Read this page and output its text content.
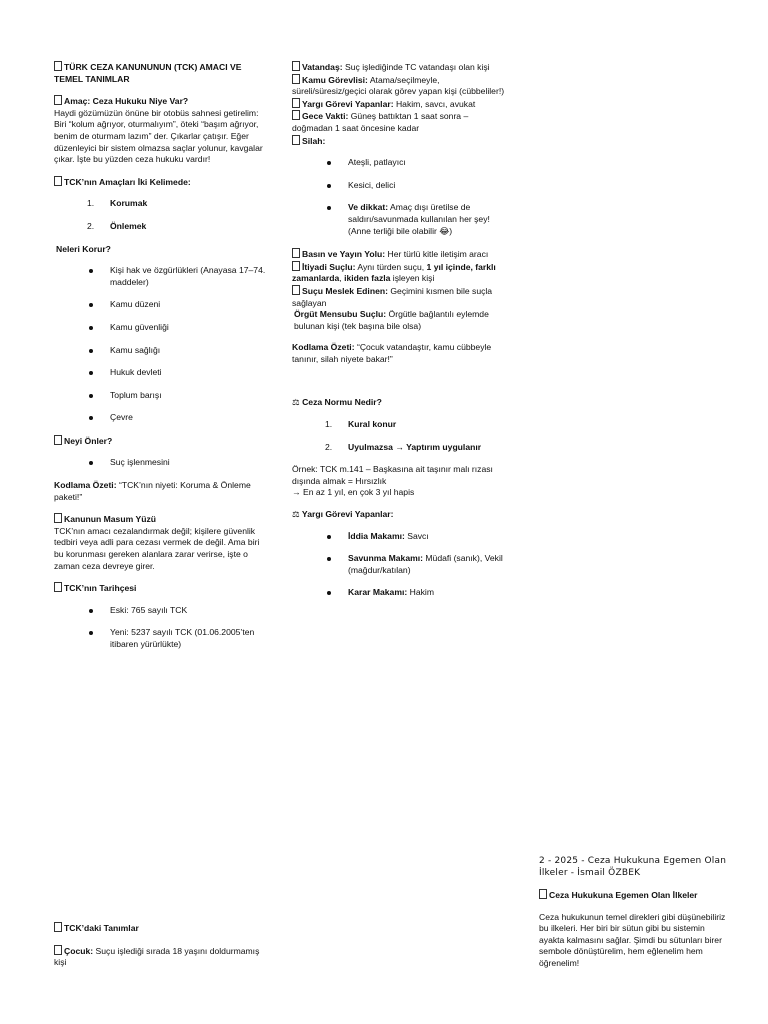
TÜRK CEZA KANUNUNUN (TCK) AMACI VE TEMEL TANIMLAR

Amaç: Ceza Hukuku Niye Var?

Haydi gözümüzün önüne bir otobüs sahnesi getirelim: Biri “kolum ağrıyor, oturmalıyım”, öteki “başım ağrıyor, benim de oturmam lazım” der. Çıkarlar çatışır. Eğer düzenleyici bir sistem olmazsa saçlar yolunur, kavgalar çıkar. İşte bu yüzden ceza hukuku vardır!

TCK’nın Amaçları İki Kelimede:

1. Korumak
2. Önlemek

Neleri Korur?

Kişi hak ve özgürlükleri (Anayasa 17–74. maddeler)
Kamu düzeni
Kamu güvenliği
Kamu sağlığı
Hukuk devleti
Toplum barışı
Çevre

Neyi Önler?

Suç işlenmesini

Kodlama Özeti: “TCK’nın niyeti: Koruma & Önleme paketi!”

Kanunun Masum Yüzü

TCK’nın amacı cezalandırmak değil; kişilere güvenlik tedbiri veya adli para cezası vermek de değil. Ama biri bu korunması gereken alanlara zarar verirse, işte o zaman ceza devreye girer.

TCK’nın Tarihçesi

Eski: 765 sayılı TCK
Yeni: 5237 sayılı TCK (01.06.2005’ten itibaren yürürlükte)

TCK’daki Tanımlar

Çocuk: Suçu işlediği sırada 18 yaşını doldurmamış kişi

Vatandaş: Suç işlediğinde TC vatandaşı olan kişi

Kamu Görevlisi: Atama/seçilmeyle, süreli/süresiz/geçici olarak görev yapan kişi (cübbeliler!)

Yargı Görevi Yapanlar: Hakim, savcı, avukat

Gece Vakti: Güneş battıktan 1 saat sonra – doğmadan 1 saat öncesine kadar

Silah:

Ateşli, patlayıcı
Kesici, delici
Ve dikkat: Amaç dışı üretilse de saldırı/savunmada kullanılan her şey! (Anne terliği bile olabilir 😂)

Basın ve Yayın Yolu: Her türlü kitle iletişim aracı

İtiyadi Suçlu: Aynı türden suçu, 1 yıl içinde, farklı zamanlarda, ikiden fazla işleyen kişi

Suçu Meslek Edinen: Geçimini kısmen bile suçla sağlayan

Örgüt Mensubu Suçlu: Örgütle bağlantılı eylemde bulunan kişi (tek başına bile olsa)

Kodlama Özeti: “Çocuk vatandaştır, kamu cübbeyle tanınır, silah niyete bakar!”

⚖ Ceza Normu Nedir?

1. Kural konur
2. Uyulmazsa → Yaptırım uygulanır

Örnek: TCK m.141 – Başkasına ait taşınır malı rızası dışında almak = Hırsızlık

→ En az 1 yıl, en çok 3 yıl hapis

⚖ Yargı Görevi Yapanlar:

İddia Makamı: Savcı
Savunma Makamı: Müdafi (sanık), Vekil (mağdur/katılan)
Karar Makamı: Hakim

2 - 2025 - Ceza Hukukuna Egemen Olan İlkeler - İsmail ÖZBEK

Ceza Hukukuna Egemen Olan İlkeler

Ceza hukukunun temel direkleri gibi düşünebiliriz bu ilkeleri. Her biri bir sütun gibi bu sistemin ayakta kalmasını sağlar. Şimdi bu sütunları birer sembole dönüştürelim, hem eğlenelim hem öğrenelim!
